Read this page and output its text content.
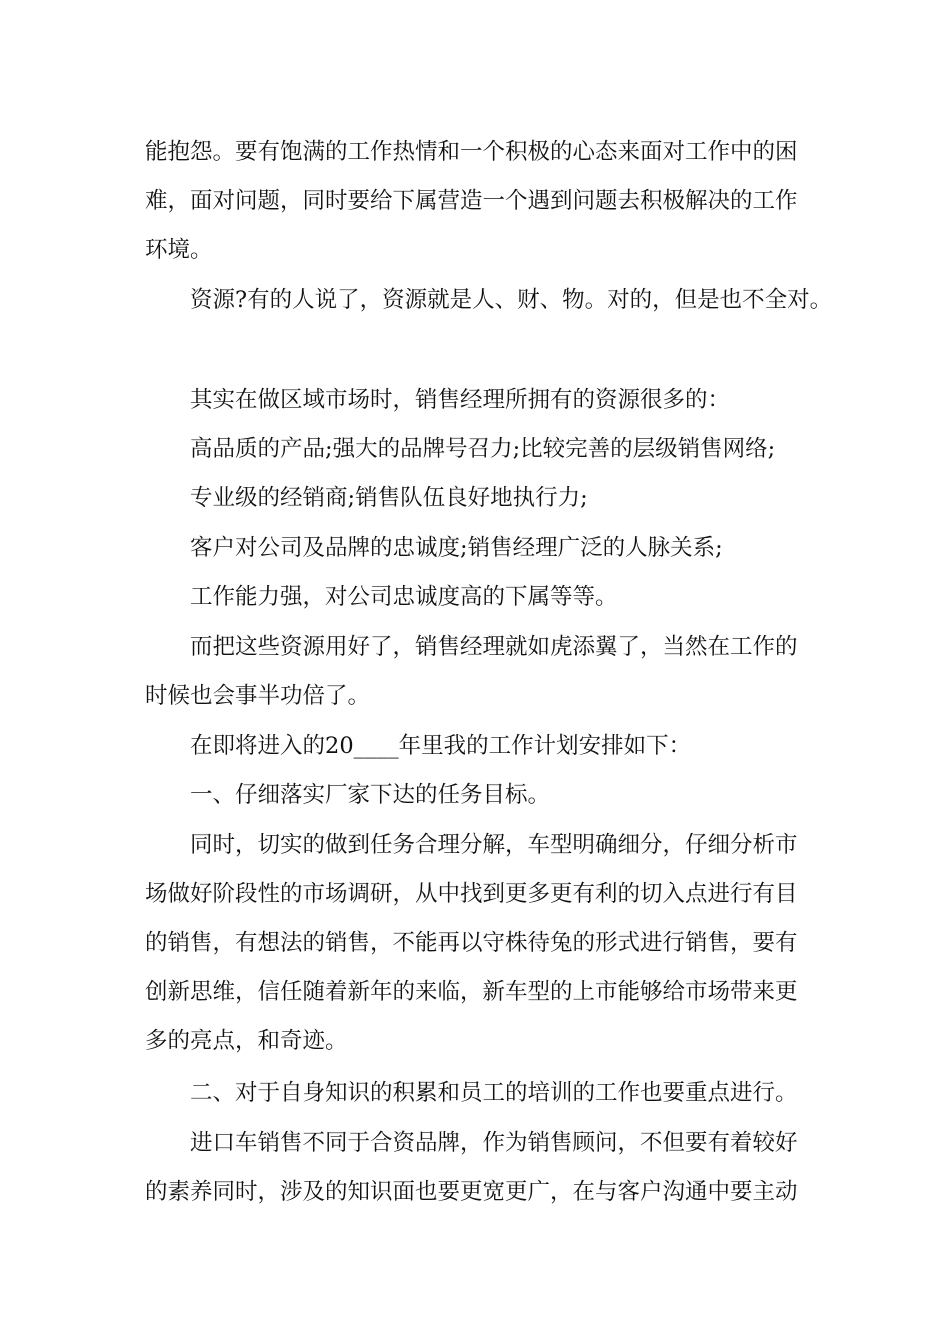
能抱怨。要有饱满的工作热情和一个积极的心态来面对工作中的困
难，面对问题，同时要给下属营造一个遇到问题去积极解决的工作
环境。

资源?有的人说了，资源就是人、财、物。对的，但是也不全对。

其实在做区域市场时，销售经理所拥有的资源很多的：

高品质的产品;强大的品牌号召力;比较完善的层级销售网络;

专业级的经销商;销售队伍良好地执行力;

客户对公司及品牌的忠诚度;销售经理广泛的人脉关系;

工作能力强，对公司忠诚度高的下属等等。

而把这些资源用好了，销售经理就如虎添翼了，当然在工作的
时候也会事半功倍了。

在即将进入的20____年里我的工作计划安排如下：

一、仔细落实厂家下达的任务目标。

同时，切实的做到任务合理分解，车型明确细分，仔细分析市
场做好阶段性的市场调研，从中找到更多更有利的切入点进行有目
的销售，有想法的销售，不能再以守株待兔的形式进行销售，要有
创新思维，信任随着新年的来临，新车型的上市能够给市场带来更
多的亮点，和奇迹。

二、对于自身知识的积累和员工的培训的工作也要重点进行。

进口车销售不同于合资品牌，作为销售顾问，不但要有着较好
的素养同时，涉及的知识面也要更宽更广，在与客户沟通中要主动
